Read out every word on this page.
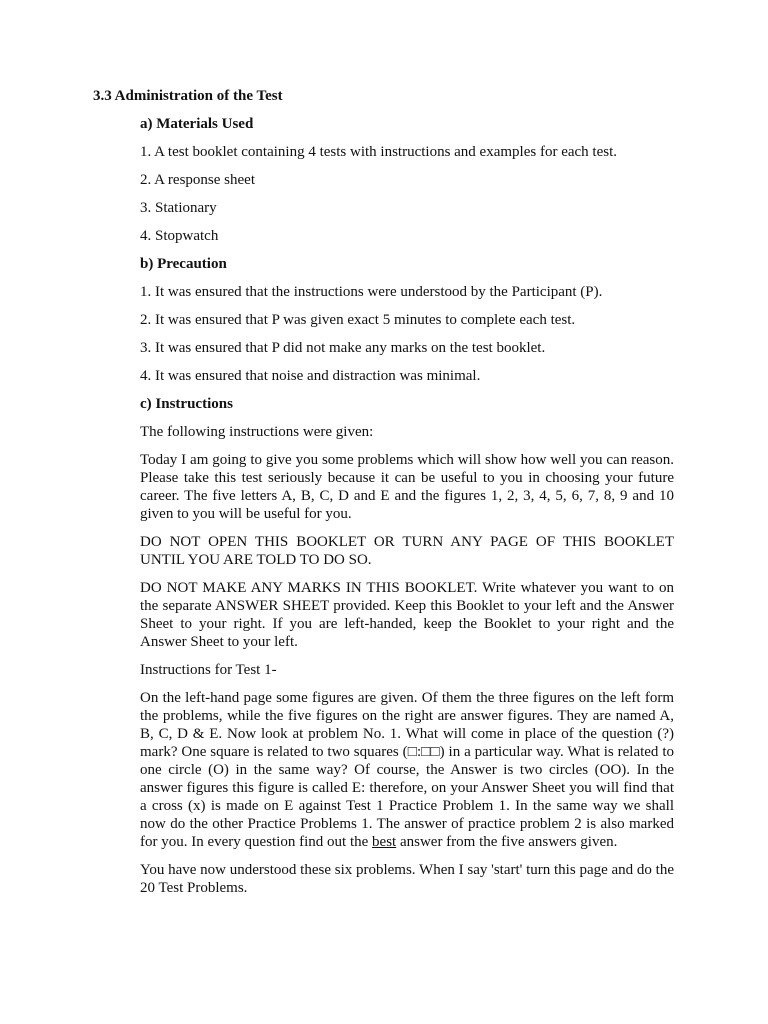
3.3 Administration of the Test

a) Materials Used

1. A test booklet containing 4 tests with instructions and examples for each test.

2. A response sheet

3. Stationary

4. Stopwatch

b) Precaution

1. It was ensured that the instructions were understood by the Participant (P).

2. It was ensured that P was given exact 5 minutes to complete each test.

3. It was ensured that P did not make any marks on the test booklet.

4. It was ensured that noise and distraction was minimal.

c) Instructions

The following instructions were given:

Today I am going to give you some problems which will show how well you can reason. Please take this test seriously because it can be useful to you in choosing your future career. The five letters A, B, C, D and E and the figures 1, 2, 3, 4, 5, 6, 7, 8, 9 and 10 given to you will be useful for you.

DO NOT OPEN THIS BOOKLET OR TURN ANY PAGE OF THIS BOOKLET UNTIL YOU ARE TOLD TO DO SO.

DO NOT MAKE ANY MARKS IN THIS BOOKLET. Write whatever you want to on the separate ANSWER SHEET provided. Keep this Booklet to your left and the Answer Sheet to your right. If you are left-handed, keep the Booklet to your right and the Answer Sheet to your left.

Instructions for Test 1-

On the left-hand page some figures are given. Of them the three figures on the left form the problems, while the five figures on the right are answer figures. They are named A, B, C, D & E. Now look at problem No. 1. What will come in place of the question (?) mark? One square is related to two squares (□:□□) in a particular way. What is related to one circle (O) in the same way? Of course, the Answer is two circles (OO). In the answer figures this figure is called E: therefore, on your Answer Sheet you will find that a cross (x) is made on E against Test 1 Practice Problem 1. In the same way we shall now do the other Practice Problems 1. The answer of practice problem 2 is also marked for you. In every question find out the best answer from the five answers given.

You have now understood these six problems. When I say 'start' turn this page and do the 20 Test Problems.
